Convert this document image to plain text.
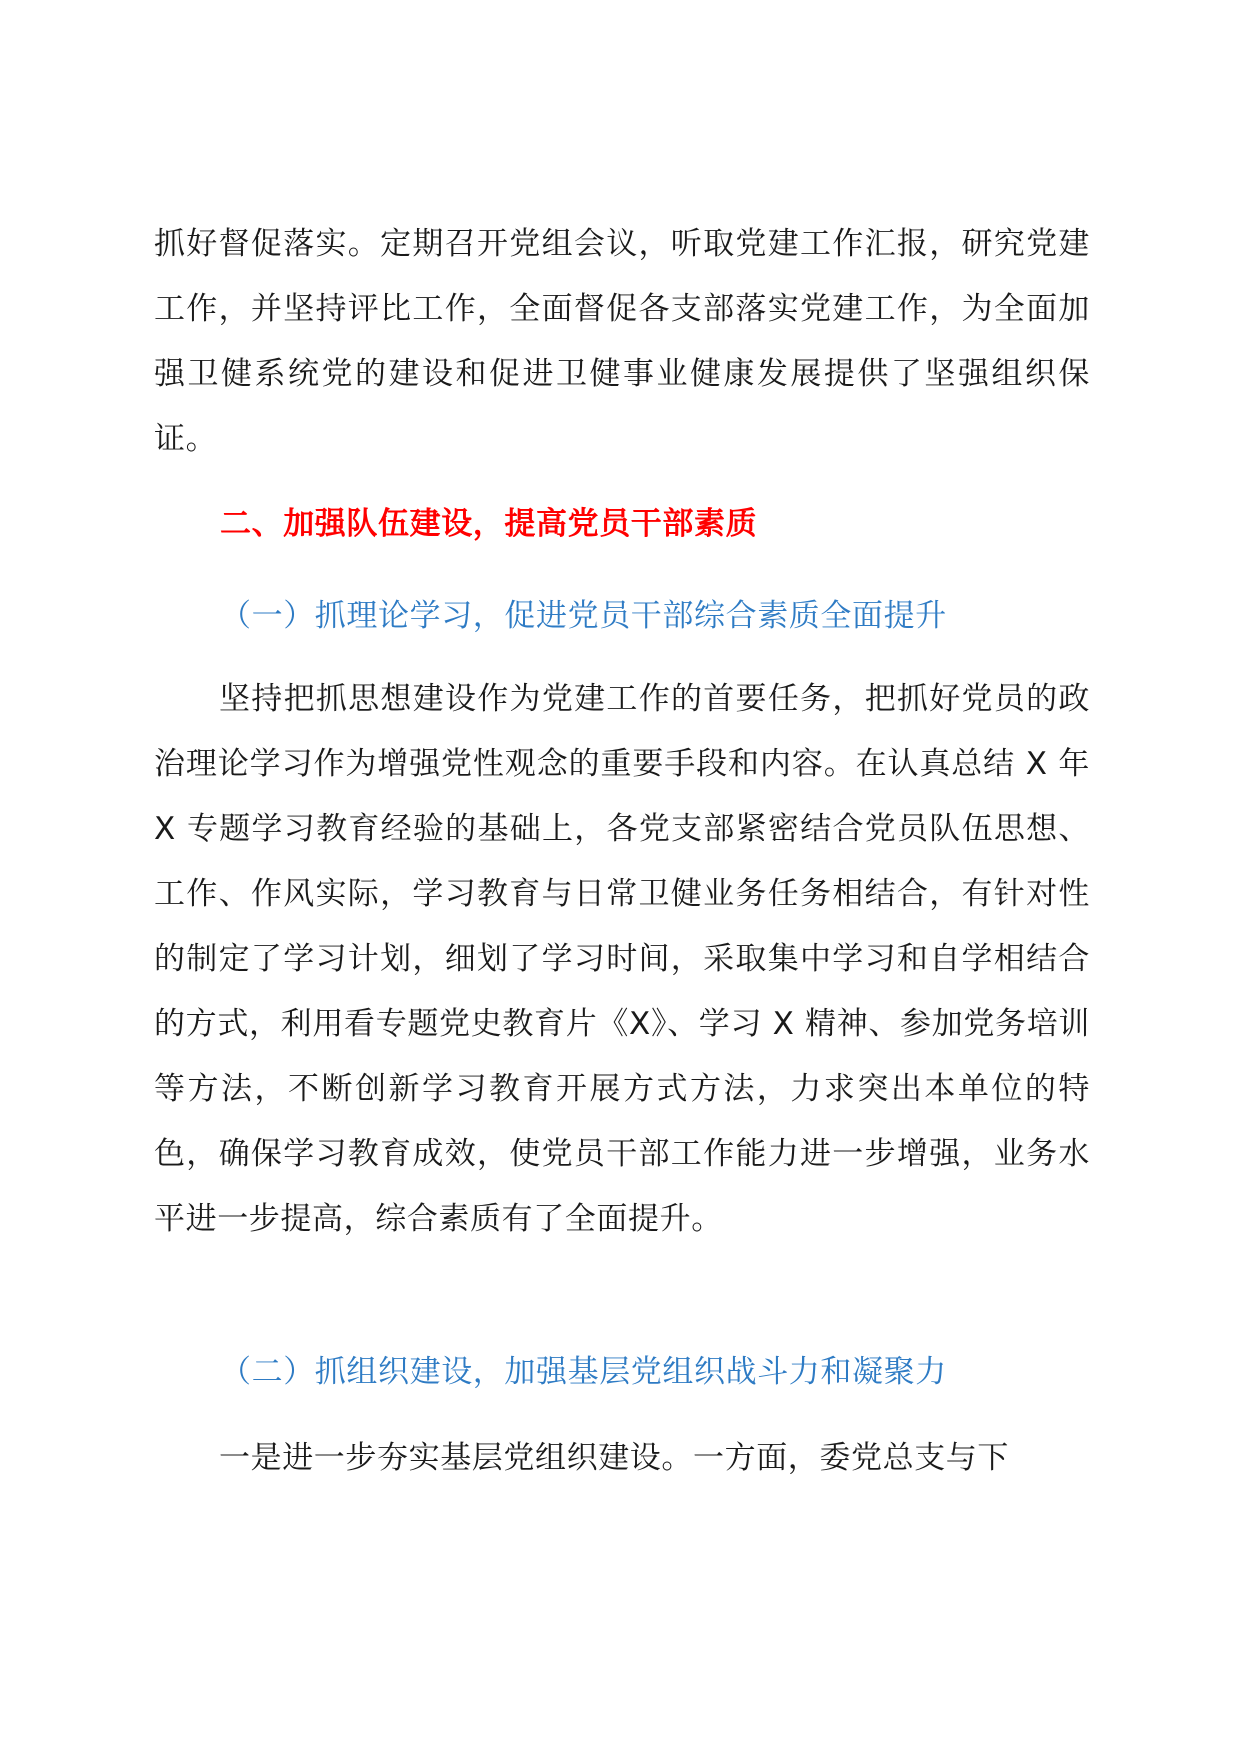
抓好督促落实。定期召开党组会议，听取党建工作汇报，研究党建工作，并坚持评比工作，全面督促各支部落实党建工作，为全面加强卫健系统党的建设和促进卫健事业健康发展提供了坚强组织保证。

二、加强队伍建设，提高党员干部素质

（一）抓理论学习，促进党员干部综合素质全面提升

坚持把抓思想建设作为党建工作的首要任务，把抓好党员的政治理论学习作为增强党性观念的重要手段和内容。在认真总结 X 年 X 专题学习教育经验的基础上，各党支部紧密结合党员队伍思想、工作、作风实际，学习教育与日常卫健业务任务相结合，有针对性的制定了学习计划，细划了学习时间，采取集中学习和自学相结合的方式，利用看专题党史教育片《X》、学习 X 精神、参加党务培训等方法，不断创新学习教育开展方式方法，力求突出本单位的特色，确保学习教育成效，使党员干部工作能力进一步增强，业务水平进一步提高，综合素质有了全面提升。

（二）抓组织建设，加强基层党组织战斗力和凝聚力

一是进一步夯实基层党组织建设。一方面，委党总支与下
